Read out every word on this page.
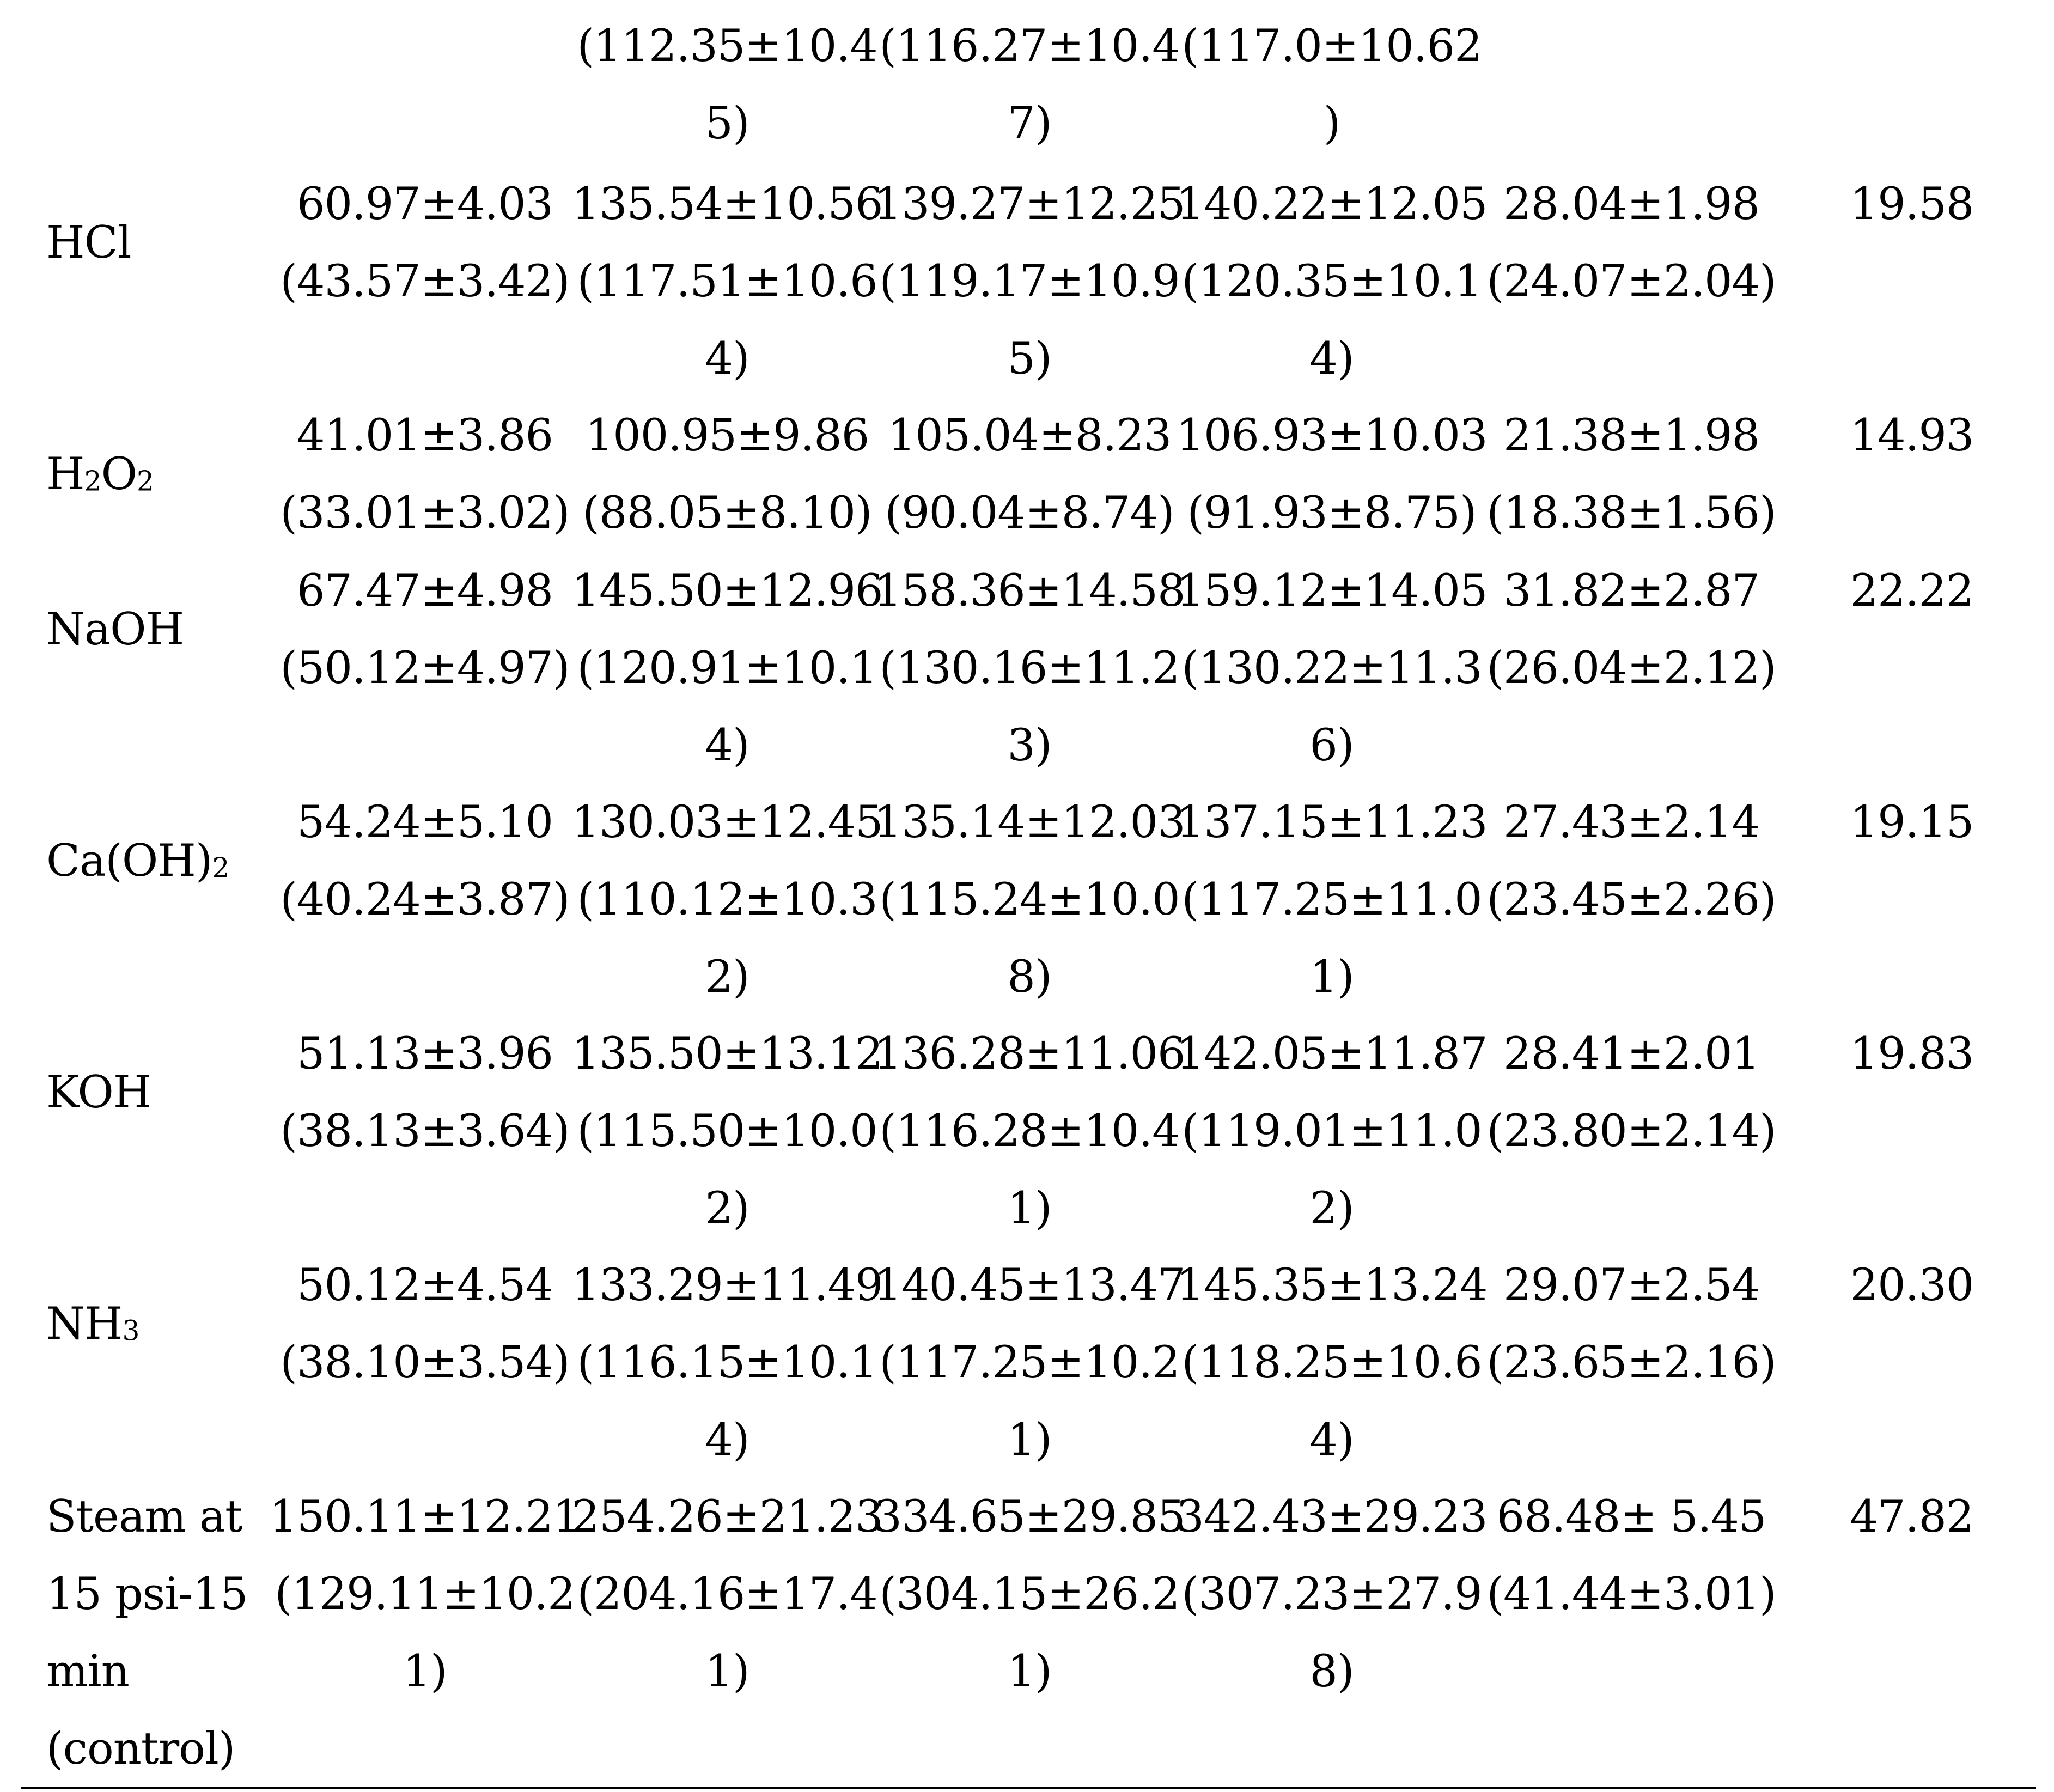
(112.35±10.4
5)
(116.27±10.4
7)
(117.0±10.62
)
HCl
60.97±4.03
(43.57±3.42)
135.54±10.56
(117.51±10.6
4)
139.27±12.25
(119.17±10.9
5)
140.22±12.05
(120.35±10.1
4)
28.04±1.98
(24.07±2.04)
19.58
$H_2O_2$
41.01±3.86
(33.01±3.02)
100.95±9.86
(88.05±8.10)
105.04±8.23
(90.04±8.74)
106.93±10.03
(91.93±8.75)
21.38±1.98
(18.38±1.56)
14.93
NaOH
67.47±4.98
(50.12±4.97)
145.50±12.96
(120.91±10.1
4)
158.36±14.58
(130.16±11.2
3)
159.12±14.05
(130.22±11.3
6)
31.82±2.87
(26.04±2.12)
22.22
$Ca(OH)_2$
54.24±5.10
(40.24±3.87)
130.03±12.45
(110.12±10.3
2)
135.14±12.03
(115.24±10.0
8)
137.15±11.23
(117.25±11.0
1)
27.43±2.14
(23.45±2.26)
19.15
KOH
51.13±3.96
(38.13±3.64)
135.50±13.12
(115.50±10.0
2)
136.28±11.06
(116.28±10.4
1)
142.05±11.87
(119.01±11.0
2)
28.41±2.01
(23.80±2.14)
19.83
$NH_3$
50.12±4.54
(38.10±3.54)
133.29±11.49
(116.15±10.1
4)
140.45±13.47
(117.25±10.2
1)
145.35±13.24
(118.25±10.6
4)
29.07±2.54
(23.65±2.16)
20.30
Steam at
15 psi-15
min
(control)
150.11±12.21
(129.11±10.2
1)
254.26±21.23
(204.16±17.4
1)
334.65±29.85
(304.15±26.2
1)
342.43±29.23
(307.23±27.9
8)
68.48± 5.45
(41.44±3.01)
47.82
